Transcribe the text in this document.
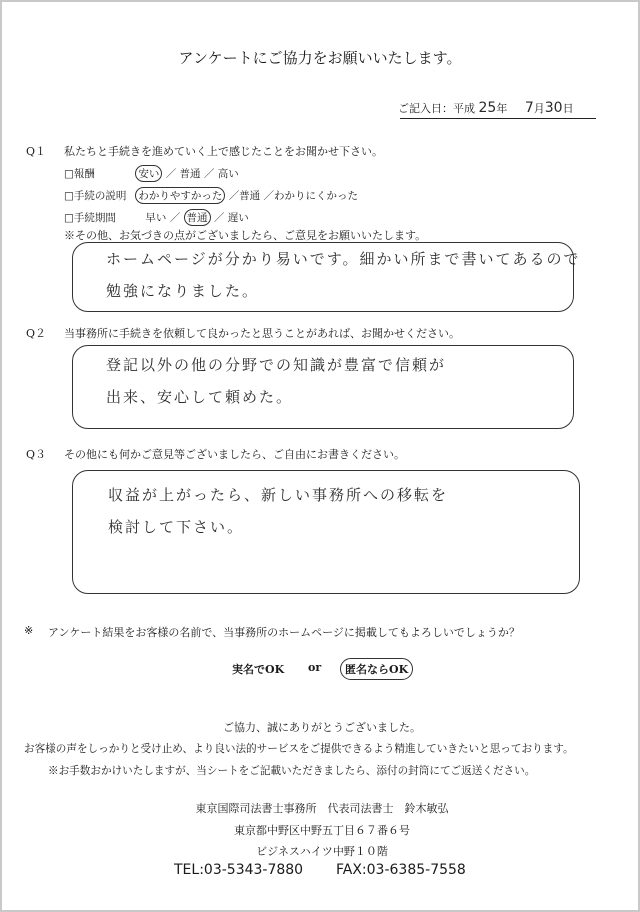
アンケートにご協力をお願いいたします。
ご記入日：平成 25年 7月30日
Q１ 私たちと手続きを進めていく上で感じたことをお聞かせ下さい。
□報酬	安い ／ 普通 ／ 高い
□手続の説明 わかりやすかった ／普通 ／わかりにくかった
□手続期間	早い ／ 普通 ／ 遅い
※その他、お気づきの点がございましたら、ご意見をお願いいたします。
ホームページが分かり易いです。細かい所まで書いてあるので
勉強になりました。
Q２ 当事務所に手続きを依頼して良かったと思うことがあれば、お聞かせください。
登記以外の他の分野での知識が豊富で信頼が
出来、安心して頼めた。
Q３ その他にも何かご意見等ございましたら、ご自由にお書きください。
収益が上がったら、新しい事務所への移転を
検討して下さい。
※ アンケート結果をお客様の名前で、当事務所のホームページに掲載してもよろしいでしょうか？
実名でOK or	匿名ならOK
ご協力、誠にありがとうございました。
お客様の声をしっかりと受け止め、より良い法的サービスをご提供できるよう精進していきたいと思っております。
※お手数おかけいたしますが、当シートをご記載いただきましたら、添付の封筒にてご返送ください。
東京国際司法書士事務所　代表司法書士　鈴木敏弘
東京都中野区中野五丁目６７番６号
ビジネスハイツ中野１０階
TEL:03-5343-7880 FAX:03-6385-7558
